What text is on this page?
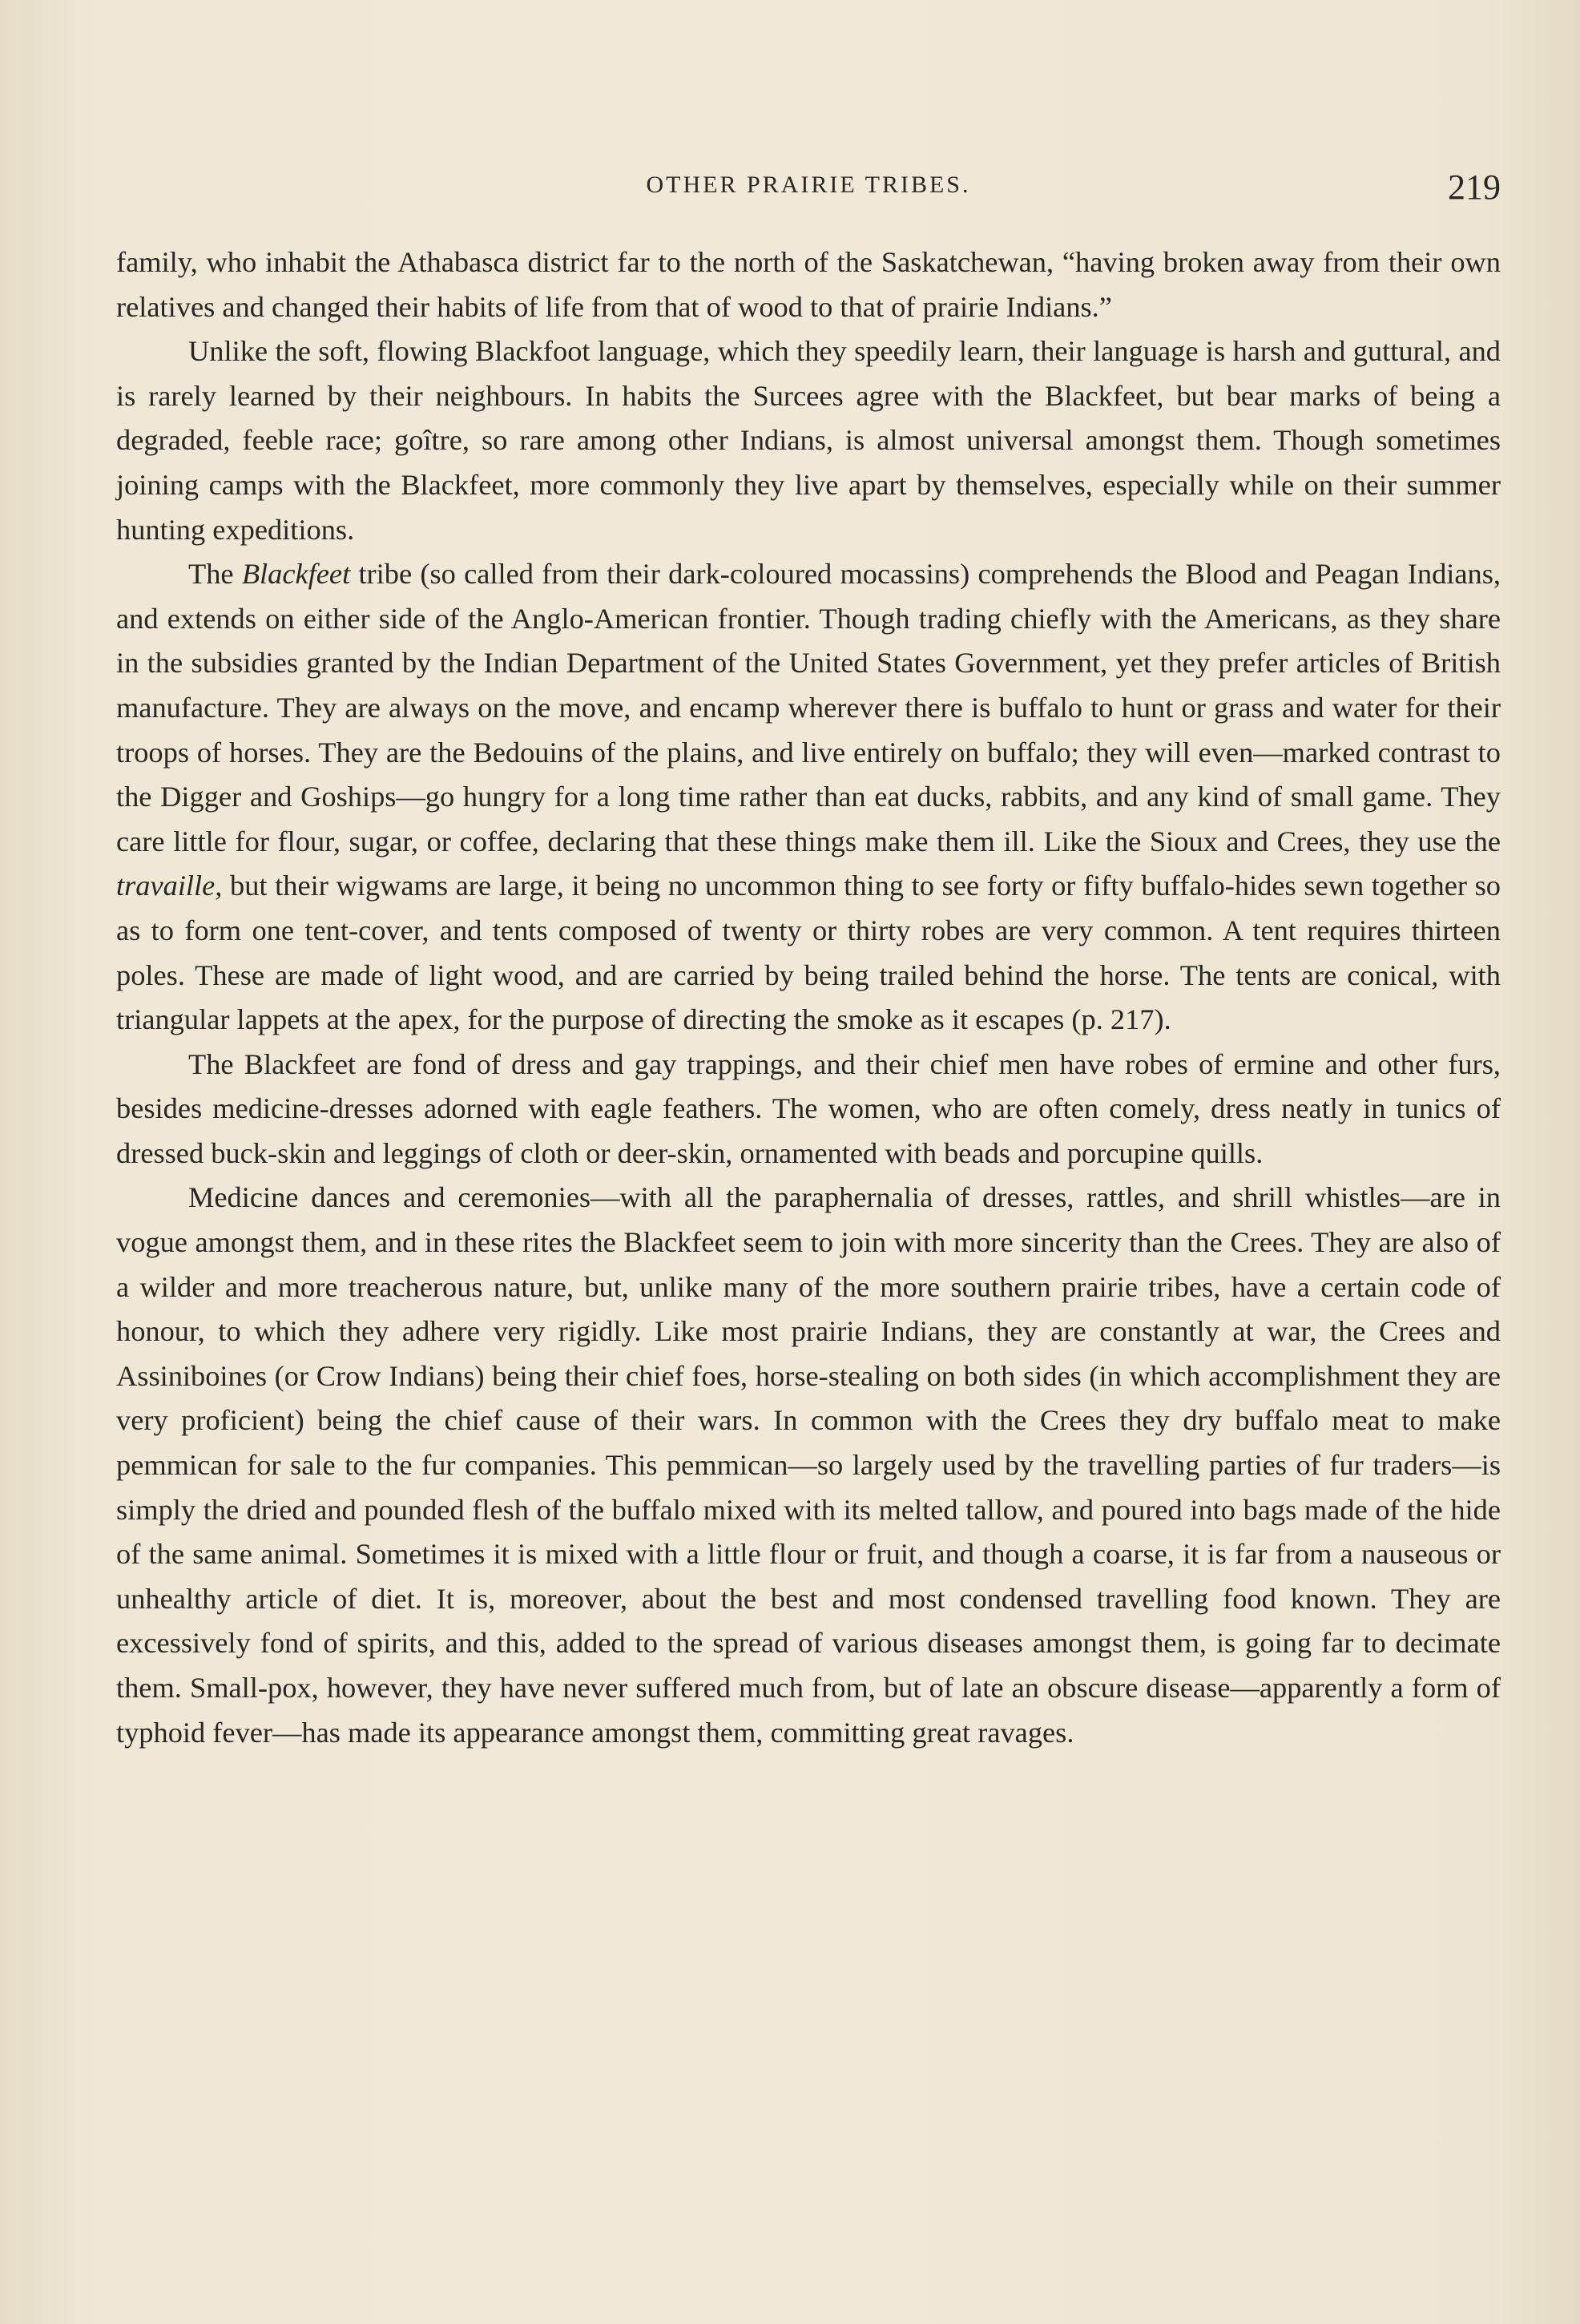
OTHER PRAIRIE TRIBES.	219

family, who inhabit the Athabasca district far to the north of the Saskatchewan, “having broken away from their own relatives and changed their habits of life from that of wood to that of prairie Indians.”

Unlike the soft, flowing Blackfoot language, which they speedily learn, their language is harsh and guttural, and is rarely learned by their neighbours. In habits the Surcees agree with the Blackfeet, but bear marks of being a degraded, feeble race; goître, so rare among other Indians, is almost universal amongst them. Though sometimes joining camps with the Blackfeet, more commonly they live apart by themselves, especially while on their summer hunting expeditions.

The Blackfeet tribe (so called from their dark-coloured mocassins) comprehends the Blood and Peagan Indians, and extends on either side of the Anglo-American frontier. Though trading chiefly with the Americans, as they share in the subsidies granted by the Indian Department of the United States Government, yet they prefer articles of British manufacture. They are always on the move, and encamp wherever there is buffalo to hunt or grass and water for their troops of horses. They are the Bedouins of the plains, and live entirely on buffalo; they will even—marked contrast to the Digger and Goships—go hungry for a long time rather than eat ducks, rabbits, and any kind of small game. They care little for flour, sugar, or coffee, declaring that these things make them ill. Like the Sioux and Crees, they use the travaille, but their wigwams are large, it being no uncommon thing to see forty or fifty buffalo-hides sewn together so as to form one tent-cover, and tents composed of twenty or thirty robes are very common. A tent requires thirteen poles. These are made of light wood, and are carried by being trailed behind the horse. The tents are conical, with triangular lappets at the apex, for the purpose of directing the smoke as it escapes (p. 217).

The Blackfeet are fond of dress and gay trappings, and their chief men have robes of ermine and other furs, besides medicine-dresses adorned with eagle feathers. The women, who are often comely, dress neatly in tunics of dressed buck-skin and leggings of cloth or deer-skin, ornamented with beads and porcupine quills.

Medicine dances and ceremonies—with all the paraphernalia of dresses, rattles, and shrill whistles—are in vogue amongst them, and in these rites the Blackfeet seem to join with more sincerity than the Crees. They are also of a wilder and more treacherous nature, but, unlike many of the more southern prairie tribes, have a certain code of honour, to which they adhere very rigidly. Like most prairie Indians, they are constantly at war, the Crees and Assiniboines (or Crow Indians) being their chief foes, horse-stealing on both sides (in which accomplishment they are very proficient) being the chief cause of their wars. In common with the Crees they dry buffalo meat to make pemmican for sale to the fur companies. This pemmican—so largely used by the travelling parties of fur traders—is simply the dried and pounded flesh of the buffalo mixed with its melted tallow, and poured into bags made of the hide of the same animal. Sometimes it is mixed with a little flour or fruit, and though a coarse, it is far from a nauseous or unhealthy article of diet. It is, moreover, about the best and most condensed travelling food known. They are excessively fond of spirits, and this, added to the spread of various diseases amongst them, is going far to decimate them. Small-pox, however, they have never suffered much from, but of late an obscure disease—apparently a form of typhoid fever—has made its appearance amongst them, committing great ravages.
